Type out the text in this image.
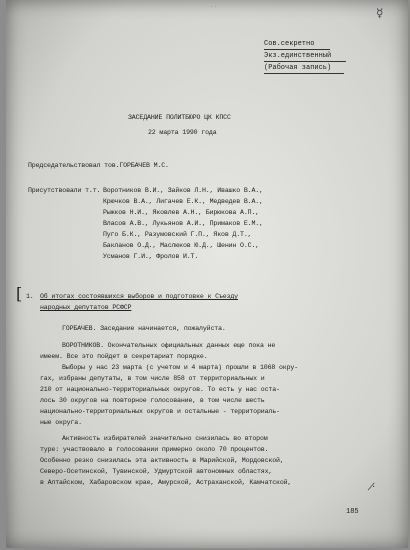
☿
· ·
Сов.секретно
Экз.единственный
(Рабочая запись)
ЗАСЕДАНИЕ ПОЛИТБЮРО ЦК КПСС
22 марта 1990 года
Председательствовал тов.ГОРБАЧЕВ М.С.
Присутствовали т.т. Воротников В.И., Зайков Л.Н., Ивашко В.А.,
Крючков В.А., Лигачев Е.К., Медведев В.А.,
Рыжков Н.И., Яковлев А.Н., Бирюкова А.П.,
Власов А.В., Лукьянов А.И., Примаков Е.М.,
Пуго Б.К., Разумовский Г.П., Яков Д.Т.,
Бакланов О.Д., Маслюков Ю.Д., Шенин О.С.,
Усманов Г.И., Фролов И.Т.
[ 1. Об итогах состоявшихся выборов и подготовке к Съезду
народных депутатов РСФСР
ГОРБАЧЕВ. Заседание начинается, пожалуйста.
ВОРОТНИКОВ. Окончательных официальных данных еще пока не
имеем. Все это пойдет в секретариат порядке.
Выборы у нас 23 марта (с учетом и 4 марта) прошли в 1068 окру-
гах, избраны депутаты, в том числе 858 от территориальных и
210 от национально-территориальных округов. То есть у нас оста-
лось 30 округов на повторное голосование, в том числе шесть
национально-территориальных округов и остальные - территориаль-
ные округа.
Активность избирателей значительно снизилась во втором
туре: участвовало в голосовании примерно около 70 процентов.
Особенно резко снизилась эта активность в Марийской, Мордовской,
Северо-Осетинской, Тувинской, Удмуртской автономных областях,
в Алтайском, Хабаровском крае, Амурской, Астраханской, Камчатской,	·̸
185
